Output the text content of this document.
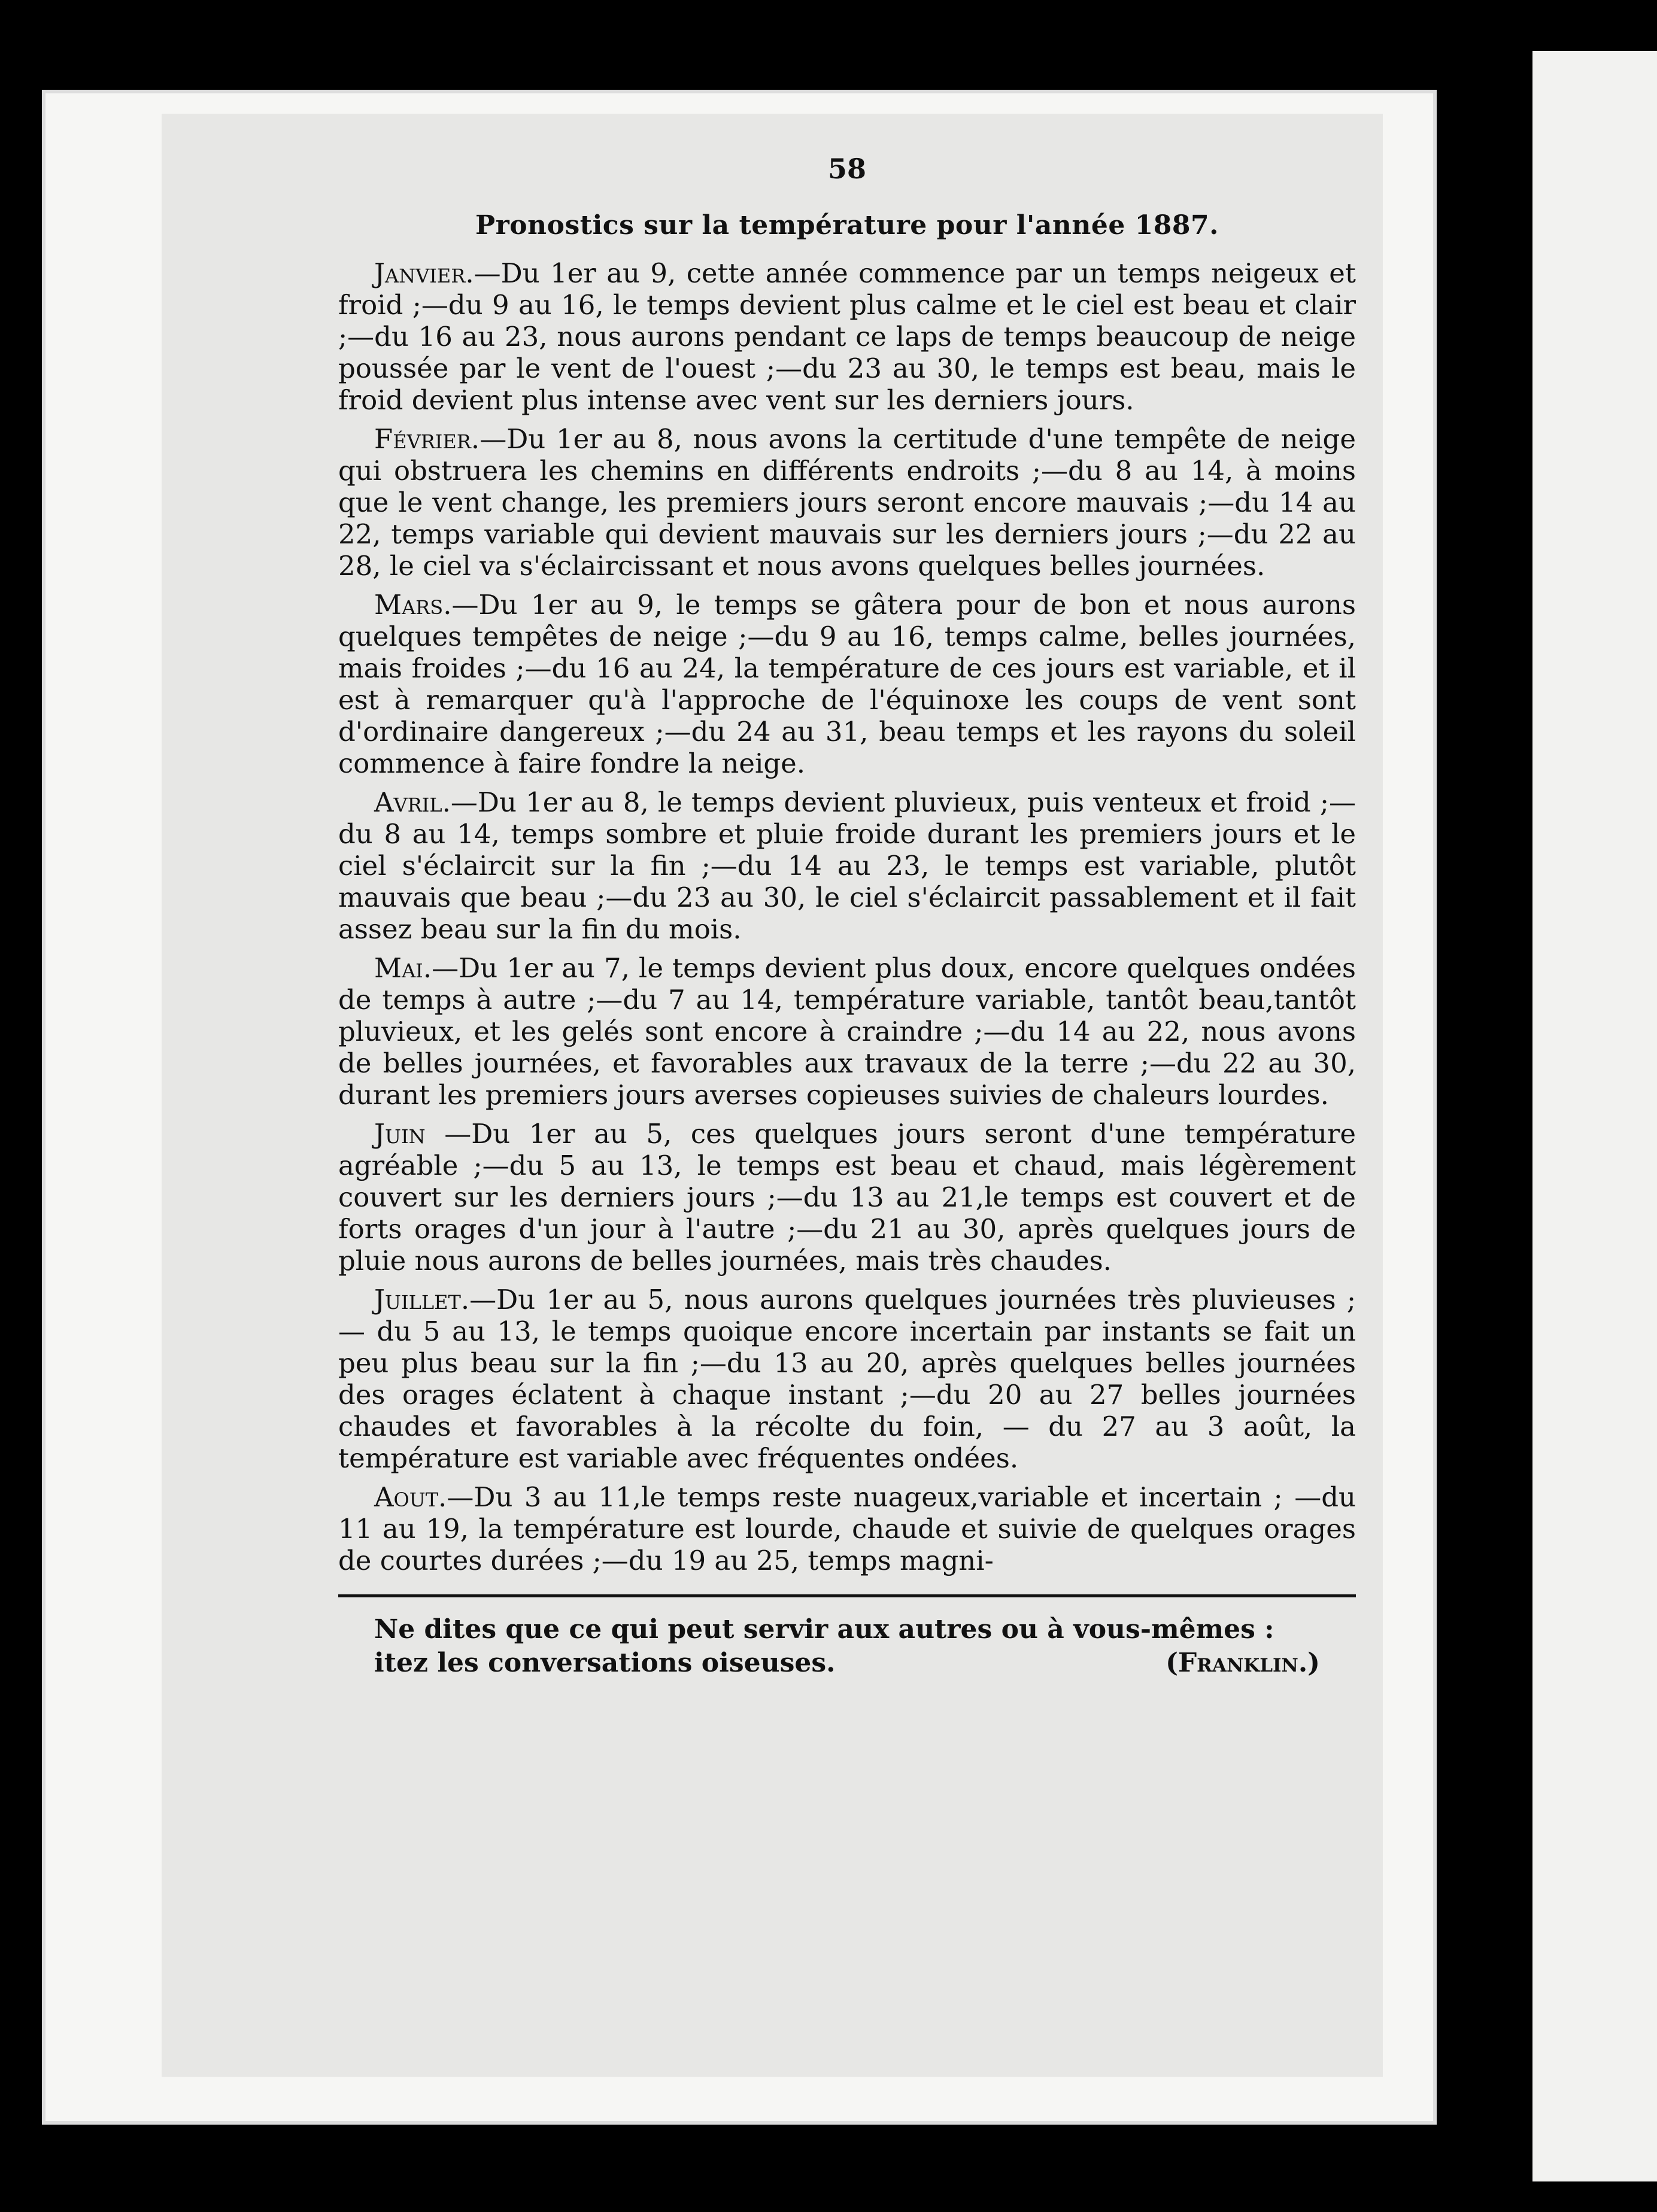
58
Pronostics sur la température pour l'année 1887.

Janvier.—Du 1er au 9, cette année commence par un temps neigeux et froid ;—du 9 au 16, le temps devient plus calme et le ciel est beau et clair ;—du 16 au 23, nous aurons pendant ce laps de temps beaucoup de neige poussée par le vent de l'ouest ;—du 23 au 30, le temps est beau, mais le froid devient plus intense avec vent sur les derniers jours.

Février.—Du 1er au 8, nous avons la certitude d'une tempête de neige qui obstruera les chemins en différents endroits ;—du 8 au 14, à moins que le vent change, les premiers jours seront encore mauvais ;—du 14 au 22, temps variable qui devient mauvais sur les derniers jours ;—du 22 au 28, le ciel va s'éclaircissant et nous avons quelques belles journées.

Mars.—Du 1er au 9, le temps se gâtera pour de bon et nous aurons quelques tempêtes de neige ;—du 9 au 16, temps calme, belles journées, mais froides ;—du 16 au 24, la température de ces jours est variable, et il est à remarquer qu'à l'approche de l'équinoxe les coups de vent sont d'ordinaire dangereux ;—du 24 au 31, beau temps et les rayons du soleil commence à faire fondre la neige.

Avril.—Du 1er au 8, le temps devient pluvieux, puis venteux et froid ;—du 8 au 14, temps sombre et pluie froide durant les premiers jours et le ciel s'éclaircit sur la fin ;—du 14 au 23, le temps est variable, plutôt mauvais que beau ;—du 23 au 30, le ciel s'éclaircit passablement et il fait assez beau sur la fin du mois.

Mai.—Du 1er au 7, le temps devient plus doux, encore quelques ondées de temps à autre ;—du 7 au 14, température variable, tantôt beau,tantôt pluvieux, et les gelés sont encore à craindre ;—du 14 au 22, nous avons de belles journées, et favorables aux travaux de la terre ;—du 22 au 30, durant les premiers jours averses copieuses suivies de chaleurs lourdes.

Juin —Du 1er au 5, ces quelques jours seront d'une température agréable ;—du 5 au 13, le temps est beau et chaud, mais légèrement couvert sur les derniers jours ;—du 13 au 21,le temps est couvert et de forts orages d'un jour à l'autre ;—du 21 au 30, après quelques jours de pluie nous aurons de belles journées, mais très chaudes.

Juillet.—Du 1er au 5, nous aurons quelques journées très pluvieuses ;— du 5 au 13, le temps quoique encore incertain par instants se fait un peu plus beau sur la fin ;—du 13 au 20, après quelques belles journées des orages éclatent à chaque instant ;—du 20 au 27 belles journées chaudes et favorables à la récolte du foin, — du 27 au 3 août, la température est variable avec fréquentes ondées.

Aout.—Du 3 au 11,le temps reste nuageux,variable et incertain ; —du 11 au 19, la température est lourde, chaude et suivie de quelques orages de courtes durées ;—du 19 au 25, temps magni-

Ne dites que ce qui peut servir aux autres ou à vous-mêmes :
itez les conversations oiseuses.	(Franklin.)
